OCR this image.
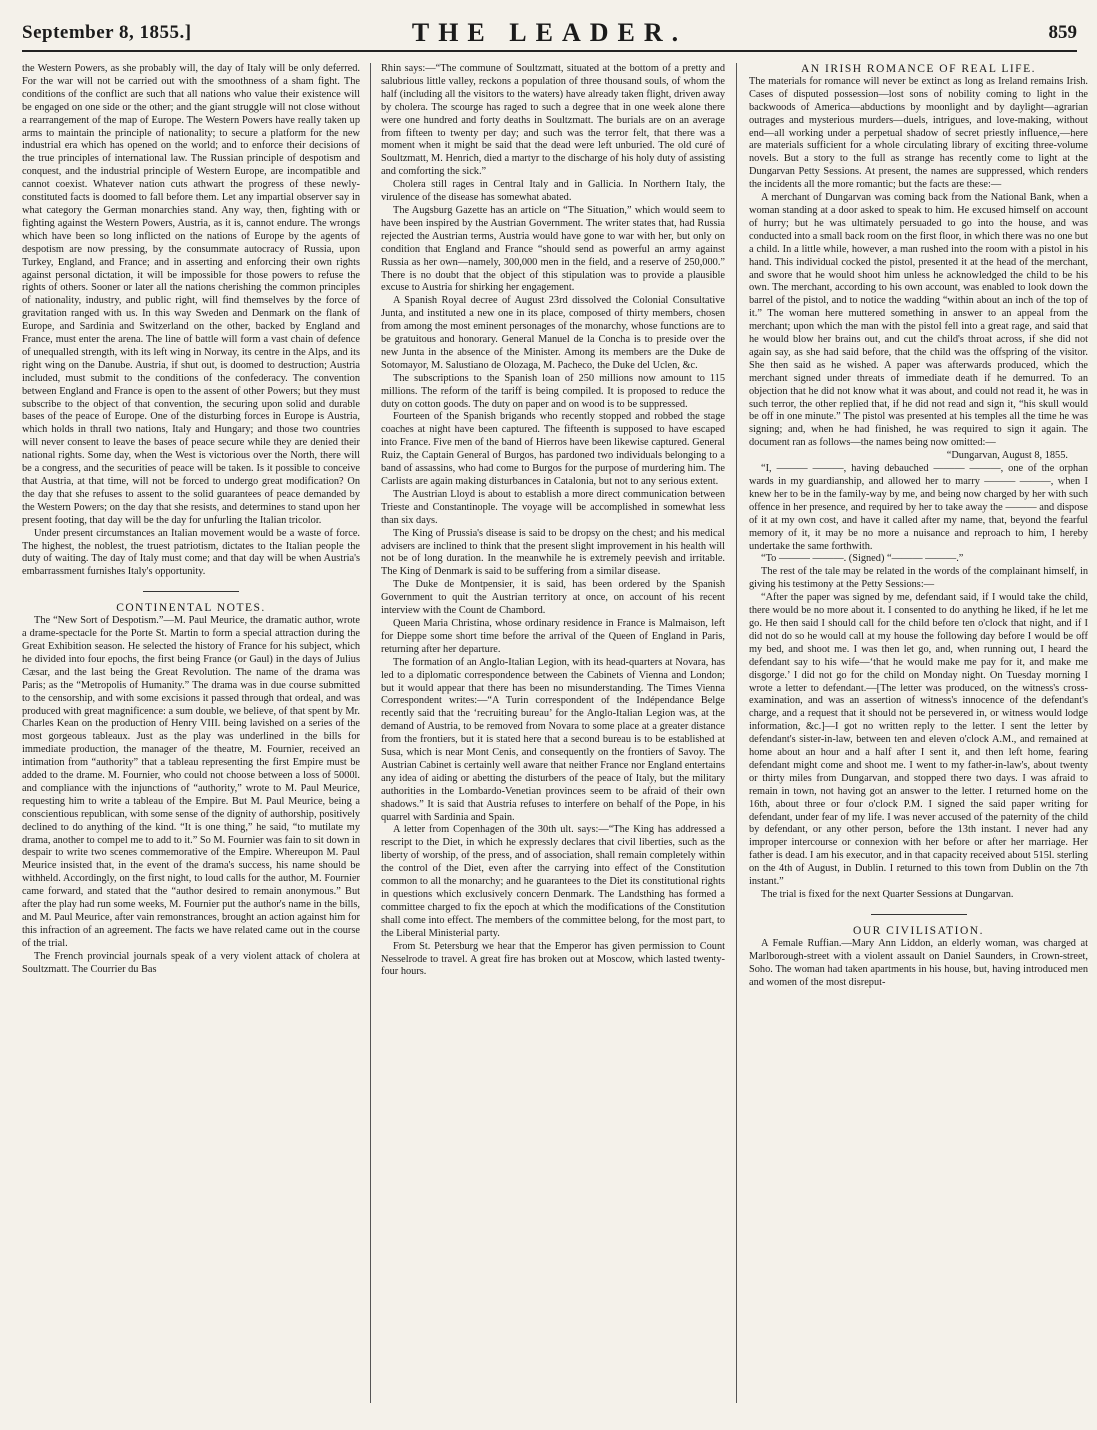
September 8, 1855.]	THE LEADER.	859

the Western Powers, as she probably will, the day of Italy will be only deferred. For the war will not be carried out with the smoothness of a sham fight. The conditions of the conflict are such that all nations who value their existence will be engaged on one side or the other; and the giant struggle will not close without a rearrangement of the map of Europe. The Western Powers have really taken up arms to maintain the principle of nationality; to secure a platform for the new industrial era which has opened on the world; and to enforce their decisions of the true principles of international law. The Russian principle of despotism and conquest, and the industrial principle of Western Europe, are incompatible and cannot coexist. Whatever nation cuts athwart the progress of these newly-constituted facts is doomed to fall before them. Let any impartial observer say in what category the German monarchies stand. Any way, then, fighting with or fighting against the Western Powers, Austria, as it is, cannot endure. The wrongs which have been so long inflicted on the nations of Europe by the agents of despotism are now pressing, by the consummate autocracy of Russia, upon Turkey, England, and France; and in asserting and enforcing their own rights against personal dictation, it will be impossible for those powers to refuse the rights of others. Sooner or later all the nations cherishing the common principles of nationality, industry, and public right, will find themselves by the force of gravitation ranged with us. In this way Sweden and Denmark on the flank of Europe, and Sardinia and Switzerland on the other, backed by England and France, must enter the arena. The line of battle will form a vast chain of defence of unequalled strength, with its left wing in Norway, its centre in the Alps, and its right wing on the Danube. Austria, if shut out, is doomed to destruction; Austria included, must submit to the conditions of the confederacy. The convention between England and France is open to the assent of other Powers; but they must subscribe to the object of that convention, the securing upon solid and durable bases of the peace of Europe. One of the disturbing forces in Europe is Austria, which holds in thrall two nations, Italy and Hungary; and those two countries will never consent to leave the bases of peace secure while they are denied their national rights. Some day, when the West is victorious over the North, there will be a congress, and the securities of peace will be taken. Is it possible to conceive that Austria, at that time, will not be forced to undergo great modification? On the day that she refuses to assent to the solid guarantees of peace demanded by the Western Powers; on the day that she resists, and determines to stand upon her present footing, that day will be the day for unfurling the Italian tricolor.

Under present circumstances an Italian movement would be a waste of force. The highest, the noblest, the truest patriotism, dictates to the Italian people the duty of waiting. The day of Italy must come; and that day will be when Austria's embarrassment furnishes Italy's opportunity.

CONTINENTAL NOTES.

The “New Sort of Despotism.”—M. Paul Meurice, the dramatic author, wrote a drame-spectacle for the Porte St. Martin to form a special attraction during the Great Exhibition season. He selected the history of France for his subject, which he divided into four epochs, the first being France (or Gaul) in the days of Julius Cæsar, and the last being the Great Revolution. The name of the drama was Paris; as the “Metropolis of Humanity.” The drama was in due course submitted to the censorship, and with some excisions it passed through that ordeal, and was produced with great magnificence: a sum double, we believe, of that spent by Mr. Charles Kean on the production of Henry VIII. being lavished on a series of the most gorgeous tableaux. Just as the play was underlined in the bills for immediate production, the manager of the theatre, M. Fournier, received an intimation from “authority” that a tableau representing the first Empire must be added to the drame. M. Fournier, who could not choose between a loss of 5000l. and compliance with the injunctions of “authority,” wrote to M. Paul Meurice, requesting him to write a tableau of the Empire. But M. Paul Meurice, being a conscientious republican, with some sense of the dignity of authorship, positively declined to do anything of the kind. “It is one thing,” he said, “to mutilate my drama, another to compel me to add to it.” So M. Fournier was fain to sit down in despair to write two scenes commemorative of the Empire. Whereupon M. Paul Meurice insisted that, in the event of the drama's success, his name should be withheld. Accordingly, on the first night, to loud calls for the author, M. Fournier came forward, and stated that the “author desired to remain anonymous.” But after the play had run some weeks, M. Fournier put the author's name in the bills, and M. Paul Meurice, after vain remonstrances, brought an action against him for this infraction of an agreement. The facts we have related came out in the course of the trial.

The French provincial journals speak of a very violent attack of cholera at Soultzmatt. The Courrier du Bas

Rhin says:—“The commune of Soultzmatt, situated at the bottom of a pretty and salubrious little valley, reckons a population of three thousand souls, of whom the half (including all the visitors to the waters) have already taken flight, driven away by cholera. The scourge has raged to such a degree that in one week alone there were one hundred and forty deaths in Soultzmatt. The burials are on an average from fifteen to twenty per day; and such was the terror felt, that there was a moment when it might be said that the dead were left unburied. The old curé of Soultzmatt, M. Henrich, died a martyr to the discharge of his holy duty of assisting and comforting the sick.”

Cholera still rages in Central Italy and in Gallicia. In Northern Italy, the virulence of the disease has somewhat abated.

The Augsburg Gazette has an article on “The Situation,” which would seem to have been inspired by the Austrian Government. The writer states that, had Russia rejected the Austrian terms, Austria would have gone to war with her, but only on condition that England and France “should send as powerful an army against Russia as her own—namely, 300,000 men in the field, and a reserve of 250,000.” There is no doubt that the object of this stipulation was to provide a plausible excuse to Austria for shirking her engagement.

A Spanish Royal decree of August 23rd dissolved the Colonial Consultative Junta, and instituted a new one in its place, composed of thirty members, chosen from among the most eminent personages of the monarchy, whose functions are to be gratuitous and honorary. General Manuel de la Concha is to preside over the new Junta in the absence of the Minister. Among its members are the Duke de Sotomayor, M. Salustiano de Olozaga, M. Pacheco, the Duke del Uclen, &c.

The subscriptions to the Spanish loan of 250 millions now amount to 115 millions. The reform of the tariff is being compiled. It is proposed to reduce the duty on cotton goods. The duty on paper and on wood is to be suppressed.

Fourteen of the Spanish brigands who recently stopped and robbed the stage coaches at night have been captured. The fifteenth is supposed to have escaped into France. Five men of the band of Hierros have been likewise captured. General Ruiz, the Captain General of Burgos, has pardoned two individuals belonging to a band of assassins, who had come to Burgos for the purpose of murdering him. The Carlists are again making disturbances in Catalonia, but not to any serious extent.

The Austrian Lloyd is about to establish a more direct communication between Trieste and Constantinople. The voyage will be accomplished in somewhat less than six days.

The King of Prussia's disease is said to be dropsy on the chest; and his medical advisers are inclined to think that the present slight improvement in his health will not be of long duration. In the meanwhile he is extremely peevish and irritable. The King of Denmark is said to be suffering from a similar disease.

The Duke de Montpensier, it is said, has been ordered by the Spanish Government to quit the Austrian territory at once, on account of his recent interview with the Count de Chambord.

Queen Maria Christina, whose ordinary residence in France is Malmaison, left for Dieppe some short time before the arrival of the Queen of England in Paris, returning after her departure.

The formation of an Anglo-Italian Legion, with its head-quarters at Novara, has led to a diplomatic correspondence between the Cabinets of Vienna and London; but it would appear that there has been no misunderstanding. The Times Vienna Correspondent writes:—“A Turin correspondent of the Indépendance Belge recently said that the ‘recruiting bureau’ for the Anglo-Italian Legion was, at the demand of Austria, to be removed from Novara to some place at a greater distance from the frontiers, but it is stated here that a second bureau is to be established at Susa, which is near Mont Cenis, and consequently on the frontiers of Savoy. The Austrian Cabinet is certainly well aware that neither France nor England entertains any idea of aiding or abetting the disturbers of the peace of Italy, but the military authorities in the Lombardo-Venetian provinces seem to be afraid of their own shadows.” It is said that Austria refuses to interfere on behalf of the Pope, in his quarrel with Sardinia and Spain.

A letter from Copenhagen of the 30th ult. says:—“The King has addressed a rescript to the Diet, in which he expressly declares that civil liberties, such as the liberty of worship, of the press, and of association, shall remain completely within the control of the Diet, even after the carrying into effect of the Constitution common to all the monarchy; and he guarantees to the Diet its constitutional rights in questions which exclusively concern Denmark. The Landsthing has formed a committee charged to fix the epoch at which the modifications of the Constitution shall come into effect. The members of the committee belong, for the most part, to the Liberal Ministerial party.

From St. Petersburg we hear that the Emperor has given permission to Count Nesselrode to travel. A great fire has broken out at Moscow, which lasted twenty-four hours.

AN IRISH ROMANCE OF REAL LIFE.

The materials for romance will never be extinct as long as Ireland remains Irish. Cases of disputed possession—lost sons of nobility coming to light in the backwoods of America—abductions by moonlight and by daylight—agrarian outrages and mysterious murders—duels, intrigues, and love-making, without end—all working under a perpetual shadow of secret priestly influence,—here are materials sufficient for a whole circulating library of exciting three-volume novels. But a story to the full as strange has recently come to light at the Dungarvan Petty Sessions. At present, the names are suppressed, which renders the incidents all the more romantic; but the facts are these:—

A merchant of Dungarvan was coming back from the National Bank, when a woman standing at a door asked to speak to him. He excused himself on account of hurry; but he was ultimately persuaded to go into the house, and was conducted into a small back room on the first floor, in which there was no one but a child. In a little while, however, a man rushed into the room with a pistol in his hand. This individual cocked the pistol, presented it at the head of the merchant, and swore that he would shoot him unless he acknowledged the child to be his own. The merchant, according to his own account, was enabled to look down the barrel of the pistol, and to notice the wadding “within about an inch of the top of it.” The woman here muttered something in answer to an appeal from the merchant; upon which the man with the pistol fell into a great rage, and said that he would blow her brains out, and cut the child's throat across, if she did not again say, as she had said before, that the child was the offspring of the visitor. She then said as he wished. A paper was afterwards produced, which the merchant signed under threats of immediate death if he demurred. To an objection that he did not know what it was about, and could not read it, he was in such terror, the other replied that, if he did not read and sign it, “his skull would be off in one minute.” The pistol was presented at his temples all the time he was signing; and, when he had finished, he was required to sign it again. The document ran as follows—the names being now omitted:—

“Dungarvan, August 8, 1855.

“I, ——— ———, having debauched ——— ———, one of the orphan wards in my guardianship, and allowed her to marry ——— ———, when I knew her to be in the family-way by me, and being now charged by her with such offence in her presence, and required by her to take away the ——— and dispose of it at my own cost, and have it called after my name, that, beyond the fearful memory of it, it may be no more a nuisance and reproach to him, I hereby undertake the same forthwith.

“To ——— ———. (Signed) “——— ———.”

The rest of the tale may be related in the words of the complainant himself, in giving his testimony at the Petty Sessions:—

“After the paper was signed by me, defendant said, if I would take the child, there would be no more about it. I consented to do anything he liked, if he let me go. He then said I should call for the child before ten o'clock that night, and if I did not do so he would call at my house the following day before I would be off my bed, and shoot me. I was then let go, and, when running out, I heard the defendant say to his wife—‘that he would make me pay for it, and make me disgorge.’ I did not go for the child on Monday night. On Tuesday morning I wrote a letter to defendant.—[The letter was produced, on the witness's cross-examination, and was an assertion of witness's innocence of the defendant's charge, and a request that it should not be persevered in, or witness would lodge information, &c.]—I got no written reply to the letter. I sent the letter by defendant's sister-in-law, between ten and eleven o'clock A.M., and remained at home about an hour and a half after I sent it, and then left home, fearing defendant might come and shoot me. I went to my father-in-law's, about twenty or thirty miles from Dungarvan, and stopped there two days. I was afraid to remain in town, not having got an answer to the letter. I returned home on the 16th, about three or four o'clock P.M. I signed the said paper writing for defendant, under fear of my life. I was never accused of the paternity of the child by defendant, or any other person, before the 13th instant. I never had any improper intercourse or connexion with her before or after her marriage. Her father is dead. I am his executor, and in that capacity received about 515l. sterling on the 4th of August, in Dublin. I returned to this town from Dublin on the 7th instant.”

The trial is fixed for the next Quarter Sessions at Dungarvan.

OUR CIVILISATION.

A Female Ruffian.—Mary Ann Liddon, an elderly woman, was charged at Marlborough-street with a violent assault on Daniel Saunders, in Crown-street, Soho. The woman had taken apartments in his house, but, having introduced men and women of the most disreput-
